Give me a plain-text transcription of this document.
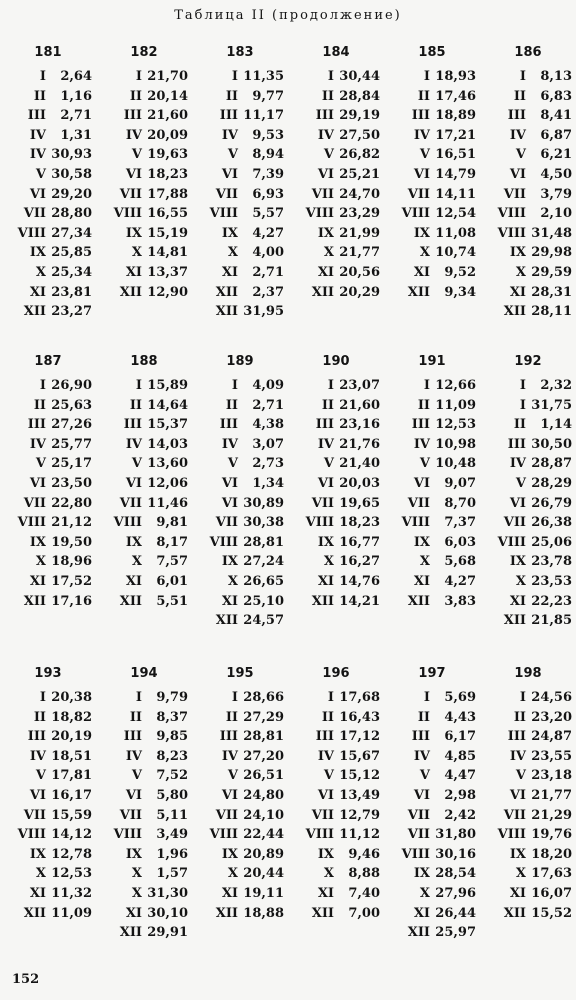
Таблица II (продолжение)
181
I 2,64
II 1,16
III 2,71
IV 1,31
IV 30,93
V 30,58
VI 29,20
VII 28,80
VIII 27,34
IX 25,85
X 25,34
XI 23,81
XII 23,27
182
I 21,70
II 20,14
III 21,60
IV 20,09
V 19,63
VI 18,23
VII 17,88
VIII 16,55
IX 15,19
X 14,81
XI 13,37
XII 12,90
183
I 11,35
II 9,77
III 11,17
IV 9,53
V 8,94
VI 7,39
VII 6,93
VIII 5,57
IX 4,27
X 4,00
XI 2,71
XII 2,37
XII 31,95
184
I 30,44
II 28,84
III 29,19
IV 27,50
V 26,82
VI 25,21
VII 24,70
VIII 23,29
IX 21,99
X 21,77
XI 20,56
XII 20,29
185
I 18,93
II 17,46
III 18,89
IV 17,21
V 16,51
VI 14,79
VII 14,11
VIII 12,54
IX 11,08
X 10,74
XI 9,52
XII 9,34
186
I 8,13
II 6,83
III 8,41
IV 6,87
V 6,21
VI 4,50
VII 3,79
VIII 2,10
VIII 31,48
IX 29,98
X 29,59
XI 28,31
XII 28,11
187
I 26,90
II 25,63
III 27,26
IV 25,77
V 25,17
VI 23,50
VII 22,80
VIII 21,12
IX 19,50
X 18,96
XI 17,52
XII 17,16
188
I 15,89
II 14,64
III 15,37
IV 14,03
V 13,60
VI 12,06
VII 11,46
VIII 9,81
IX 8,17
X 7,57
XI 6,01
XII 5,51
189
I 4,09
II 2,71
III 4,38
IV 3,07
V 2,73
VI 1,34
VI 30,89
VII 30,38
VIII 28,81
IX 27,24
X 26,65
XI 25,10
XII 24,57
190
I 23,07
II 21,60
III 23,16
IV 21,76
V 21,40
VI 20,03
VII 19,65
VIII 18,23
IX 16,77
X 16,27
XI 14,76
XII 14,21
191
I 12,66
II 11,09
III 12,53
IV 10,98
V 10,48
VI 9,07
VII 8,70
VIII 7,37
IX 6,03
X 5,68
XI 4,27
XII 3,83
192
I 2,32
I 31,75
II 1,14
III 30,50
IV 28,87
V 28,29
VI 26,79
VII 26,38
VIII 25,06
IX 23,78
X 23,53
XI 22,23
XII 21,85
193
I 20,38
II 18,82
III 20,19
IV 18,51
V 17,81
VI 16,17
VII 15,59
VIII 14,12
IX 12,78
X 12,53
XI 11,32
XII 11,09
194
I 9,79
II 8,37
III 9,85
IV 8,23
V 7,52
VI 5,80
VII 5,11
VIII 3,49
IX 1,96
X 1,57
X 31,30
XI 30,10
XII 29,91
195
I 28,66
II 27,29
III 28,81
IV 27,20
V 26,51
VI 24,80
VII 24,10
VIII 22,44
IX 20,89
X 20,44
XI 19,11
XII 18,88
196
I 17,68
II 16,43
III 17,12
IV 15,67
V 15,12
VI 13,49
VII 12,79
VIII 11,12
IX 9,46
X 8,88
XI 7,40
XII 7,00
197
I 5,69
II 4,43
III 6,17
IV 4,85
V 4,47
VI 2,98
VII 2,42
VII 31,80
VIII 30,16
IX 28,54
X 27,96
XI 26,44
XII 25,97
198
I 24,56
II 23,20
III 24,87
IV 23,55
V 23,18
VI 21,77
VII 21,29
VIII 19,76
IX 18,20
X 17,63
XI 16,07
XII 15,52
152
